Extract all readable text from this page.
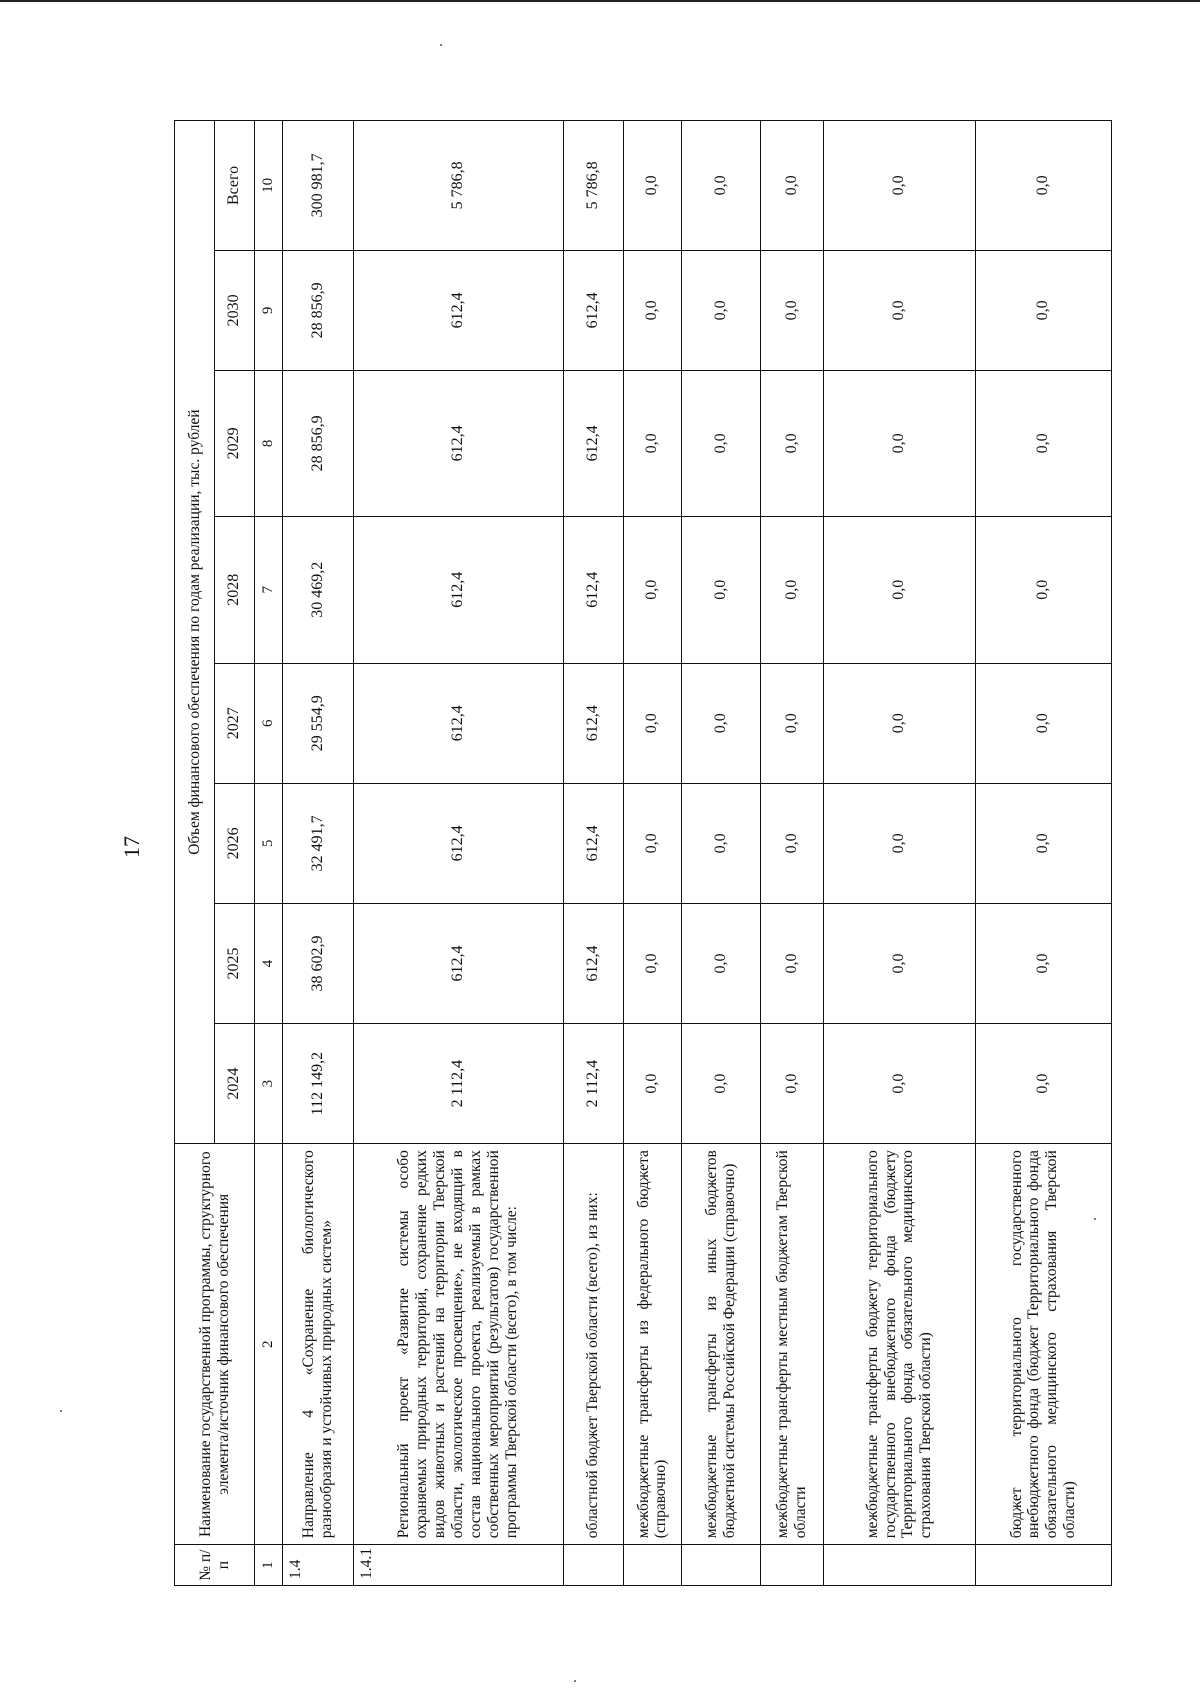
17
№ п/п	Наименование государственной программы, структурного элемента/источник финансового обеспечения	Объем финансового обеспечения по годам реализации, тыс. рублей							
		2024	2025	2026	2027	2028	2029	2030	Всего
1	2	3	4	5	6	7	8	9	10
1.4	Направление 4 «Сохранение биологического разнообразия и устойчивых природных систем»	112 149,2	38 602,9	32 491,7	29 554,9	30 469,2	28 856,9	28 856,9	300 981,7
1.4.1	Региональный проект «Развитие системы особо охраняемых природных территорий, сохранение редких видов животных и растений на территории Тверской области, экологическое просвещение», не входящий в состав национального проекта, реализуемый в рамках собственных мероприятий (результатов) государственной программы Тверской области (всего), в том числе:	2 112,4	612,4	612,4	612,4	612,4	612,4	612,4	5 786,8
	областной бюджет Тверской области (всего), из них:	2 112,4	612,4	612,4	612,4	612,4	612,4	612,4	5 786,8
	межбюджетные трансферты из федерального бюджета (справочно)	0,0	0,0	0,0	0,0	0,0	0,0	0,0	0,0
	межбюджетные трансферты из иных бюджетов бюджетной системы Российской Федерации (справочно)	0,0	0,0	0,0	0,0	0,0	0,0	0,0	0,0
	межбюджетные трансферты местным бюджетам Тверской области	0,0	0,0	0,0	0,0	0,0	0,0	0,0	0,0
	межбюджетные трансферты бюджету территориального государственного внебюджетного фонда (бюджету Территориального фонда обязательного медицинского страхования Тверской области)	0,0	0,0	0,0	0,0	0,0	0,0	0,0	0,0
	бюджет территориального государственного внебюджетного фонда (бюджет Территориального фонда обязательного медицинского страхования Тверской области)	0,0	0,0	0,0	0,0	0,0	0,0	0,0	0,0
